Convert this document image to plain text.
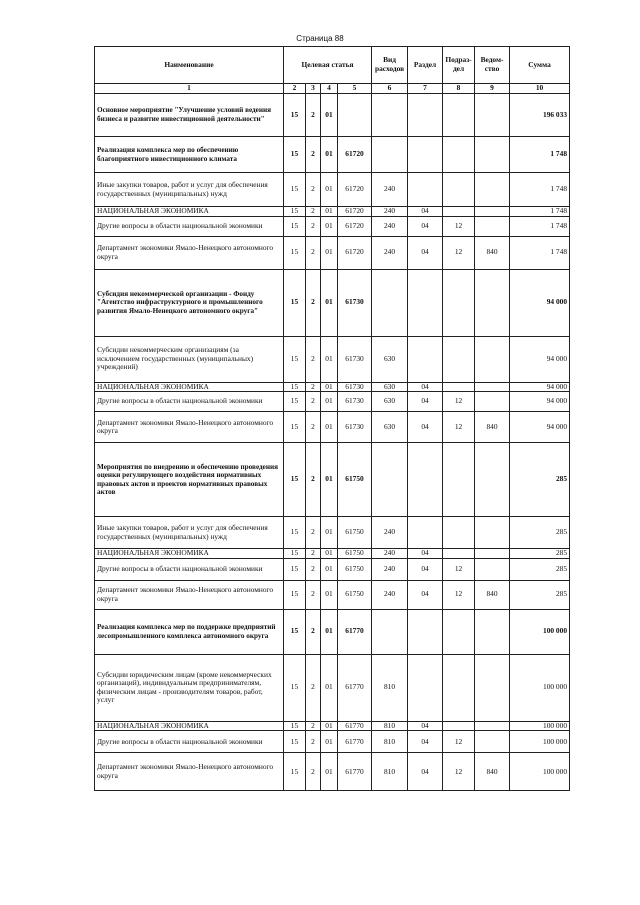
Страница 88
Наименование	Целевая статья				Вид расходов	Раздел	Подраз-дел	Ведом-ство	Сумма
1	2	3	4	5	6	7	8	9	10
Основное мероприятие "Улучшение условий ведения бизнеса и развитие инвестиционной деятельности"	15	2	01						196 033
Реализация комплекса мер по обеспечению благоприятного инвестиционного климата	15	2	01	61720					1 748
Иные закупки товаров, работ и услуг для обеспечения государственных (муниципальных) нужд	15	2	01	61720	240				1 748
НАЦИОНАЛЬНАЯ ЭКОНОМИКА	15	2	01	61720	240	04			1 748
Другие вопросы в области национальной экономики	15	2	01	61720	240	04	12		1 748
Департамент экономики Ямало-Ненецкого автономного округа	15	2	01	61720	240	04	12	840	1 748
Субсидия некоммерческой организации - Фонду "Агентство инфраструктурного и промышленного развития Ямало-Ненецкого автономного округа"	15	2	01	61730					94 000
Субсидии некоммерческим организациям (за исключением государственных (муниципальных) учреждений)	15	2	01	61730	630				94 000
НАЦИОНАЛЬНАЯ ЭКОНОМИКА	15	2	01	61730	630	04			94 000
Другие вопросы в области национальной экономики	15	2	01	61730	630	04	12		94 000
Департамент экономики Ямало-Ненецкого автономного округа	15	2	01	61730	630	04	12	840	94 000
Мероприятия по внедрению и обеспечению проведения оценки регулирующего воздействия нормативных правовых актов и проектов нормативных правовых актов	15	2	01	61750					285
Иные закупки товаров, работ и услуг для обеспечения государственных (муниципальных) нужд	15	2	01	61750	240				285
НАЦИОНАЛЬНАЯ ЭКОНОМИКА	15	2	01	61750	240	04			285
Другие вопросы в области национальной экономики	15	2	01	61750	240	04	12		285
Департамент экономики Ямало-Ненецкого автономного округа	15	2	01	61750	240	04	12	840	285
Реализация комплекса мер по поддержке предприятий лесопромышленного комплекса автономного округа	15	2	01	61770					100 000
Субсидии юридическим лицам (кроме некоммерческих организаций), индивидуальным предпринимателям, физическим лицам - производителям товаров, работ, услуг	15	2	01	61770	810				100 000
НАЦИОНАЛЬНАЯ ЭКОНОМИКА	15	2	01	61770	810	04			100 000
Другие вопросы в области национальной экономики	15	2	01	61770	810	04	12		100 000
Департамент экономики Ямало-Ненецкого автономного округа	15	2	01	61770	810	04	12	840	100 000
